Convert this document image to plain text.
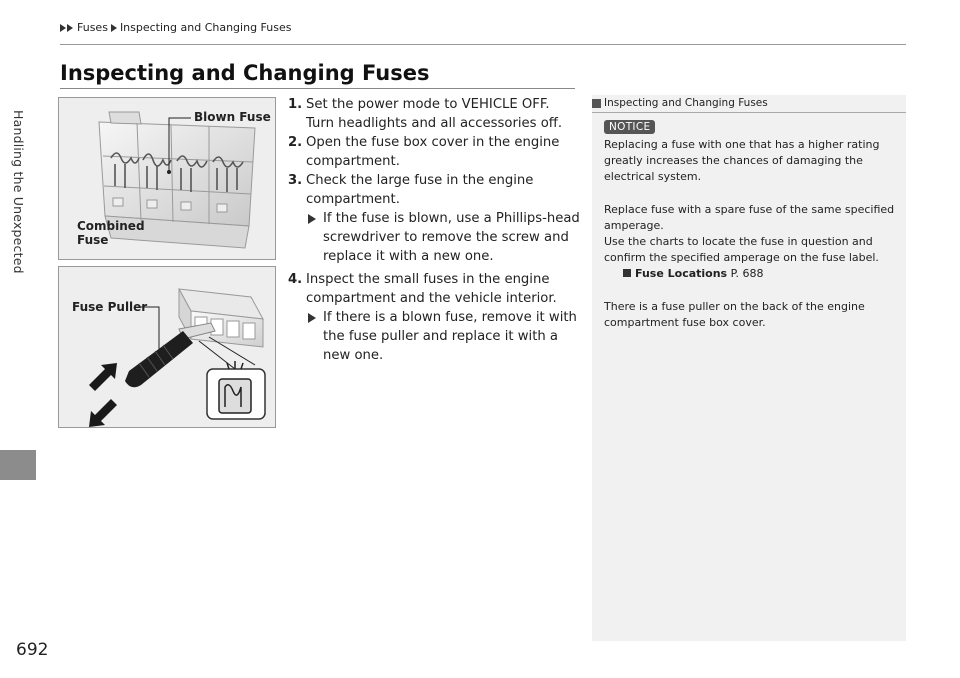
Fuses Inspecting and Changing Fuses
Handling the Unexpected
Inspecting and Changing Fuses
Blown Fuse
Combined
Fuse
Fuse Puller
1. Set the power mode to VEHICLE OFF. Turn headlights and all accessories off.
2. Open the fuse box cover in the engine compartment.
3. Check the large fuse in the engine compartment.
If the fuse is blown, use a Phillips-head screwdriver to remove the screw and replace it with a new one.
4. Inspect the small fuses in the engine compartment and the vehicle interior.
If there is a blown fuse, remove it with the fuse puller and replace it with a new one.
Inspecting and Changing Fuses
NOTICE

Replacing a fuse with one that has a higher rating greatly increases the chances of damaging the electrical system.

Replace fuse with a spare fuse of the same specified amperage.

Use the charts to locate the fuse in question and confirm the specified amperage on the fuse label.

Fuse Locations P. 688

There is a fuse puller on the back of the engine compartment fuse box cover.

692
